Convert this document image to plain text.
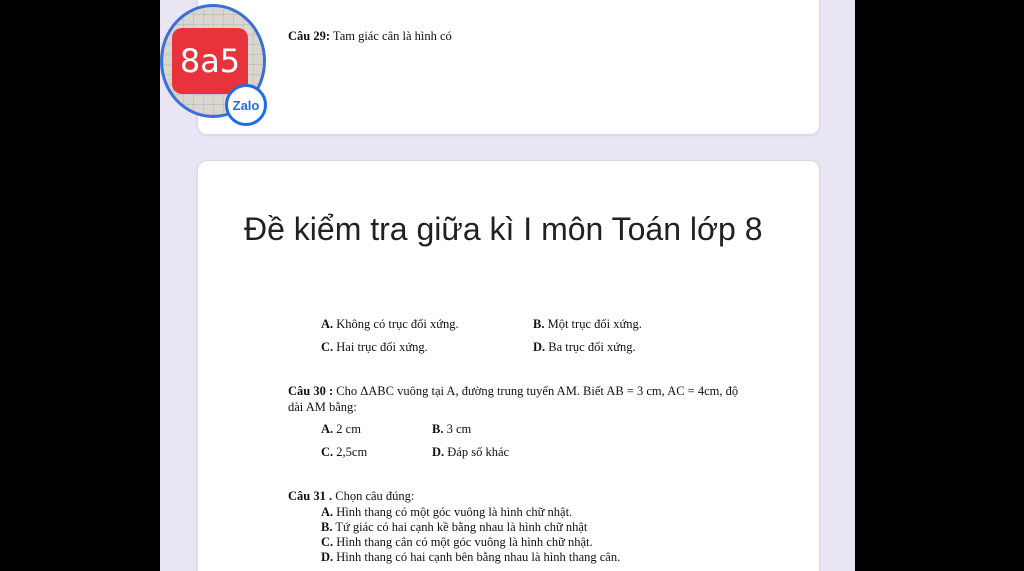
Câu 29: Tam giác cân là hình có
Đề kiểm tra giữa kì I môn Toán lớp 8
A. Không có trục đối xứng.	B. Một trục đối xứng.
C. Hai trục đối xứng.	D. Ba trục đối xứng.
Câu 30 : Cho ΔABC vuông tại A, đường trung tuyến AM. Biết AB = 3 cm, AC = 4cm, độ
dài AM bằng:
A. 2 cm	B. 3 cm
C. 2,5cm	D. Đáp số khác
Câu 31 . Chọn câu đúng:
A. Hình thang có một góc vuông là hình chữ nhật.
B. Tứ giác có hai cạnh kề bằng nhau là hình chữ nhật
C. Hình thang cân có một góc vuông là hình chữ nhật.
D. Hình thang có hai cạnh bên bằng nhau là hình thang cân.
8a5
Zalo
